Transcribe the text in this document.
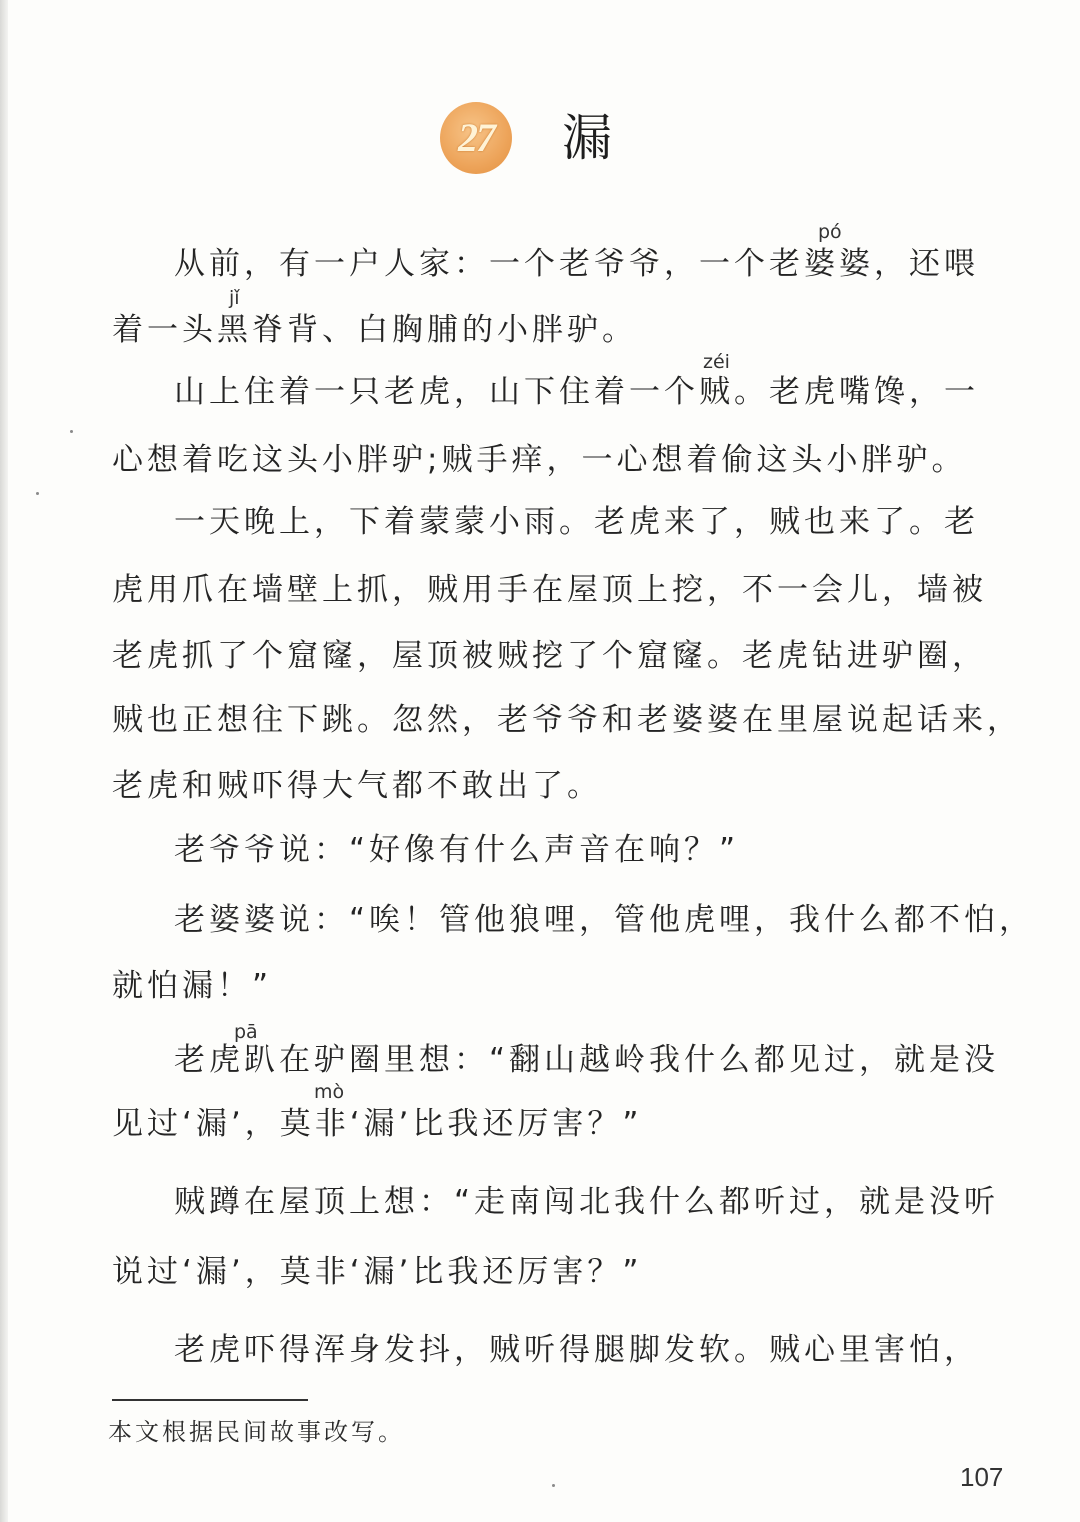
27	漏
pó
jǐ
zéi
pā
mò
从前，有一户人家：一个老爷爷，一个老婆婆，还喂
着一头黑脊背、白胸脯的小胖驴。
山上住着一只老虎，山下住着一个贼。老虎嘴馋，一
心想着吃这头小胖驴;贼手痒，一心想着偷这头小胖驴。
一天晚上，下着蒙蒙小雨。老虎来了，贼也来了。老
虎用爪在墙壁上抓，贼用手在屋顶上挖，不一会儿，墙被
老虎抓了个窟窿，屋顶被贼挖了个窟窿。老虎钻进驴圈，
贼也正想往下跳。忽然，老爷爷和老婆婆在里屋说起话来，
老虎和贼吓得大气都不敢出了。
老爷爷说：“好像有什么声音在响？”
老婆婆说：“唉！管他狼哩，管他虎哩，我什么都不怕，
就怕漏！”
老虎趴在驴圈里想：“翻山越岭我什么都见过，就是没
见过‘漏’，莫非‘漏’比我还厉害？”
贼蹲在屋顶上想：“走南闯北我什么都听过，就是没听
说过‘漏’，莫非‘漏’比我还厉害？”
老虎吓得浑身发抖，贼听得腿脚发软。贼心里害怕，
本文根据民间故事改写。
107
